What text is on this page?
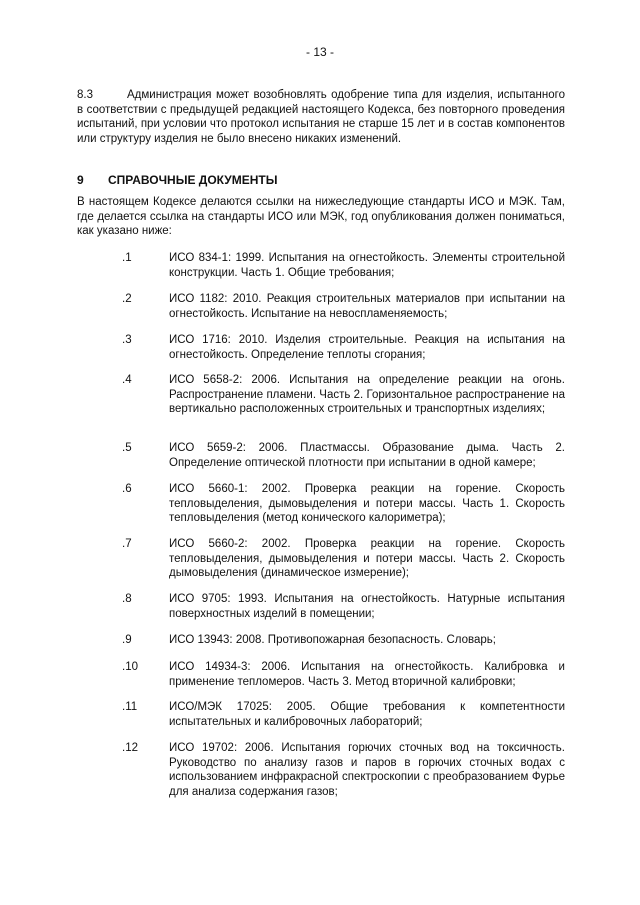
- 13 -
8.3	Администрация может возобновлять одобрение типа для изделия, испытанного в соответствии с предыдущей редакцией настоящего Кодекса, без повторного проведения испытаний, при условии что протокол испытания не старше 15 лет и в состав компонентов или структуру изделия не было внесено никаких изменений.
9 СПРАВОЧНЫЕ ДОКУМЕНТЫ
В настоящем Кодексе делаются ссылки на нижеследующие стандарты ИСО и МЭК. Там, где делается ссылка на стандарты ИСО или МЭК, год опубликования должен пониматься, как указано ниже:
.1	ИСО 834-1: 1999. Испытания на огнестойкость. Элементы строительной конструкции. Часть 1. Общие требования;
.2	ИСО 1182: 2010. Реакция строительных материалов при испытании на огнестойкость. Испытание на невоспламеняемость;
.3	ИСО 1716: 2010. Изделия строительные. Реакция на испытания на огнестойкость. Определение теплоты сгорания;
.4	ИСО 5658-2: 2006. Испытания на определение реакции на огонь. Распространение пламени. Часть 2. Горизонтальное распространение на вертикально расположенных строительных и транспортных изделиях;
.5	ИСО 5659-2: 2006. Пластмассы. Образование дыма. Часть 2. Определение оптической плотности при испытании в одной камере;
.6	ИСО 5660-1: 2002. Проверка реакции на горение. Скорость тепловыделения, дымовыделения и потери массы. Часть 1. Скорость тепловыделения (метод конического калориметра);
.7	ИСО 5660-2: 2002. Проверка реакции на горение. Скорость тепловыделения, дымовыделения и потери массы. Часть 2. Скорость дымовыделения (динамическое измерение);
.8	ИСО 9705: 1993. Испытания на огнестойкость. Натурные испытания поверхностных изделий в помещении;
.9	ИСО 13943: 2008. Противопожарная безопасность. Словарь;
.10	ИСО 14934-3: 2006. Испытания на огнестойкость. Калибровка и применение тепломеров. Часть 3. Метод вторичной калибровки;
.11	ИСО/МЭК 17025: 2005. Общие требования к компетентности испытательных и калибровочных лабораторий;
.12	ИСО 19702: 2006. Испытания горючих сточных вод на токсичность. Руководство по анализу газов и паров в горючих сточных водах с использованием инфракрасной спектроскопии с преобразованием Фурье для анализа содержания газов;
